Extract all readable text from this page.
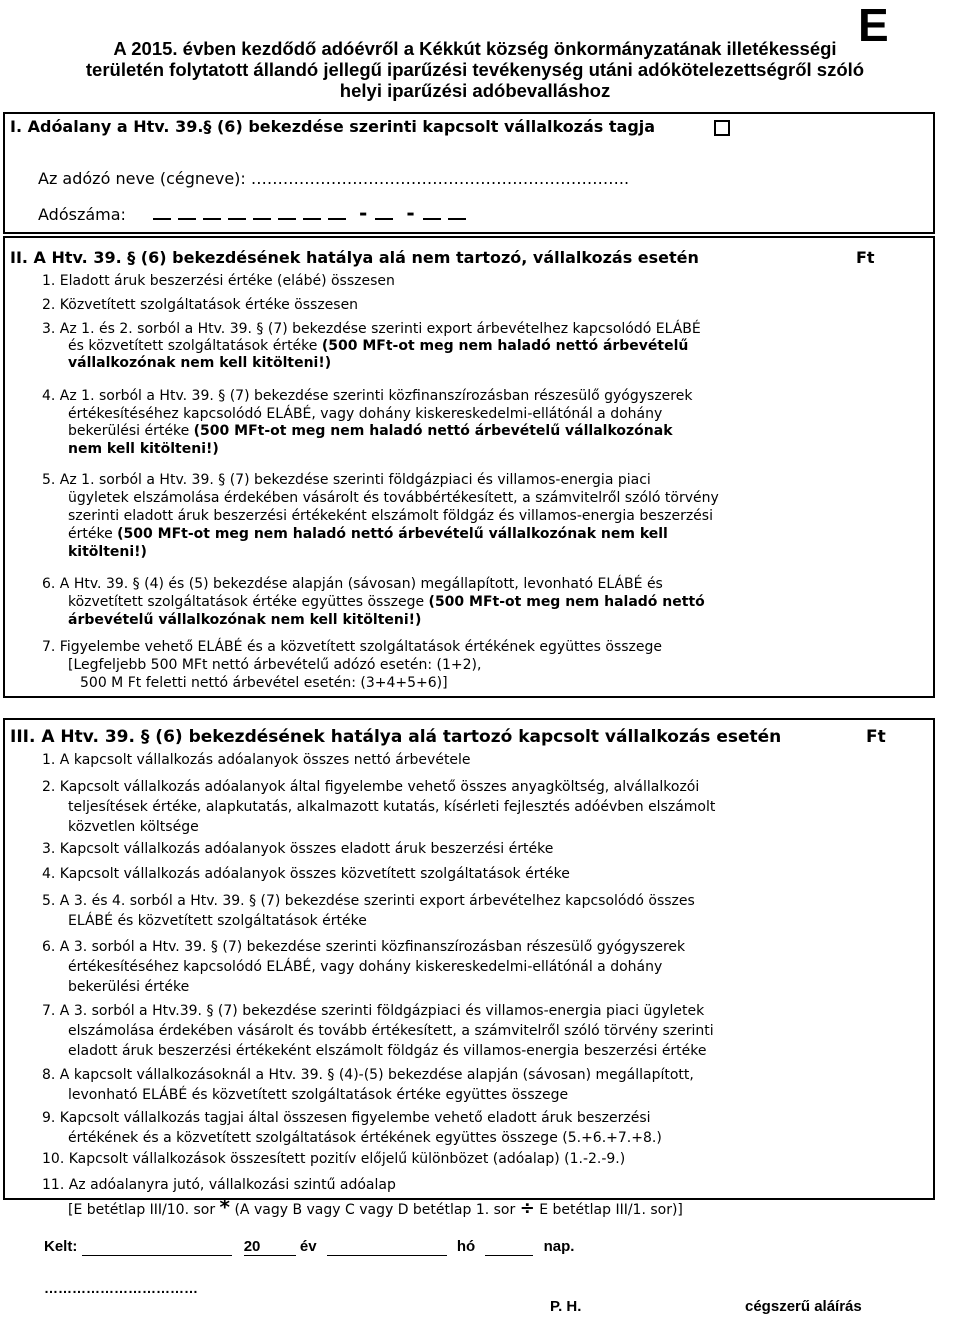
E
A 2015. évben kezdődő adóévről a Kékkút község önkormányzatának illetékességi
területén folytatott állandó jellegű iparűzési tevékenység utáni adókötelezettségről szóló
helyi iparűzési adóbevalláshoz
I. Adóalany a Htv. 39.§ (6) bekezdése szerinti kapcsolt vállalkozás tagja
Az adózó neve (cégneve): ……………………………………………………………..
Adószáma:	- -
II. A Htv. 39. § (6) bekezdésének hatálya alá nem tartozó, vállalkozás esetén	Ft
1. Eladott áruk beszerzési értéke (elábé) összesen
2. Közvetített szolgáltatások értéke összesen
3. Az 1. és 2. sorból a Htv. 39. § (7) bekezdése szerinti export árbevételhez kapcsolódó ELÁBÉ
és közvetített szolgáltatások értéke (500 MFt-ot meg nem haladó nettó árbevételű
vállalkozónak nem kell kitölteni!)
4. Az 1. sorból a Htv. 39. § (7) bekezdése szerinti közfinanszírozásban részesülő gyógyszerek
értékesítéséhez kapcsolódó ELÁBÉ, vagy dohány kiskereskedelmi-ellátónál a dohány
bekerülési értéke (500 MFt-ot meg nem haladó nettó árbevételű vállalkozónak
nem kell kitölteni!)
5. Az 1. sorból a Htv. 39. § (7) bekezdése szerinti földgázpiaci és villamos-energia piaci
ügyletek elszámolása érdekében vásárolt és továbbértékesített, a számvitelről szóló törvény
szerinti eladott áruk beszerzési értékeként elszámolt földgáz és villamos-energia beszerzési
értéke (500 MFt-ot meg nem haladó nettó árbevételű vállalkozónak nem kell
kitölteni!)
6. A Htv. 39. § (4) és (5) bekezdése alapján (sávosan) megállapított, levonható ELÁBÉ és
közvetített szolgáltatások értéke együttes összege (500 MFt-ot meg nem haladó nettó
árbevételű vállalkozónak nem kell kitölteni!)
7. Figyelembe vehető ELÁBÉ és a közvetített szolgáltatások értékének együttes összege
[Legfeljebb 500 MFt nettó árbevételű adózó esetén: (1+2),
500 M Ft feletti nettó árbevétel esetén: (3+4+5+6)]
III. A Htv. 39. § (6) bekezdésének hatálya alá tartozó kapcsolt vállalkozás esetén	Ft
1. A kapcsolt vállalkozás adóalanyok összes nettó árbevétele
2. Kapcsolt vállalkozás adóalanyok által figyelembe vehető összes anyagköltség, alvállalkozói
teljesítések értéke, alapkutatás, alkalmazott kutatás, kísérleti fejlesztés adóévben elszámolt
közvetlen költsége
3. Kapcsolt vállalkozás adóalanyok összes eladott áruk beszerzési értéke
4. Kapcsolt vállalkozás adóalanyok összes közvetített szolgáltatások értéke
5. A 3. és 4. sorból a Htv. 39. § (7) bekezdése szerinti export árbevételhez kapcsolódó összes
ELÁBÉ és közvetített szolgáltatások értéke
6. A 3. sorból a Htv. 39. § (7) bekezdése szerinti közfinanszírozásban részesülő gyógyszerek
értékesítéséhez kapcsolódó ELÁBÉ, vagy dohány kiskereskedelmi-ellátónál a dohány
bekerülési értéke
7. A 3. sorból a Htv.39. § (7) bekezdése szerinti földgázpiaci és villamos-energia piaci ügyletek
elszámolása érdekében vásárolt és tovább értékesített, a számvitelről szóló törvény szerinti
eladott áruk beszerzési értékeként elszámolt földgáz és villamos-energia beszerzési értéke
8. A kapcsolt vállalkozásoknál a Htv. 39. § (4)-(5) bekezdése alapján (sávosan) megállapított,
levonható ELÁBÉ és közvetített szolgáltatások értéke együttes összege
9. Kapcsolt vállalkozás tagjai által összesen figyelembe vehető eladott áruk beszerzési
értékének és a közvetített szolgáltatások értékének együttes összege (5.+6.+7.+8.)
10. Kapcsolt vállalkozások összesített pozitív előjelű különbözet (adóalap) (1.-2.-9.)
11. Az adóalanyra jutó, vállalkozási szintű adóalap
[E betétlap III/10. sor * (A vagy B vagy C vagy D betétlap 1. sor ÷ E betétlap III/1. sor)]
Kelt:	20	év	hó	nap.
……………………………
P. H.	cégszerű aláírás
